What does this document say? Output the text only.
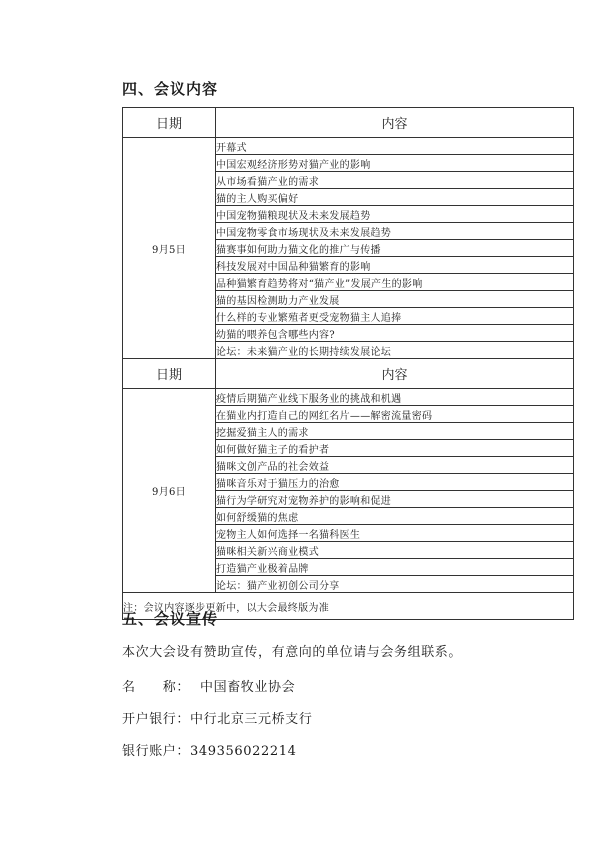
四、会议内容
日期	内容
9月5日	开幕式
	中国宏观经济形势对猫产业的影响
	从市场看猫产业的需求
	猫的主人购买偏好
	中国宠物猫粮现状及未来发展趋势
	中国宠物零食市场现状及未来发展趋势
	猫赛事如何助力猫文化的推广与传播
	科技发展对中国品种猫繁育的影响
	品种猫繁育趋势将对“猫产业”发展产生的影响
	猫的基因检测助力产业发展
	什么样的专业繁殖者更受宠物猫主人追捧
	幼猫的喂养包含哪些内容?
	论坛：未来猫产业的长期持续发展论坛
日期	内容
9月6日	疫情后期猫产业线下服务业的挑战和机遇
	在猫业内打造自己的网红名片——解密流量密码
	挖掘爱猫主人的需求
	如何做好猫主子的看护者
	猫咪文创产品的社会效益
	猫咪音乐对于猫压力的治愈
	猫行为学研究对宠物养护的影响和促进
	如何舒缓猫的焦虑
	宠物主人如何选择一名猫科医生
	猫咪相关新兴商业模式
	打造猫产业极着品牌
	论坛：猫产业初创公司分享
注：会议内容逐步更新中，以大会最终版为准	
五、会议宣传
本次大会设有赞助宣传，有意向的单位请与会务组联系。
名　　称： 中国畜牧业协会
开户银行：中行北京三元桥支行
银行账户：349356022214
